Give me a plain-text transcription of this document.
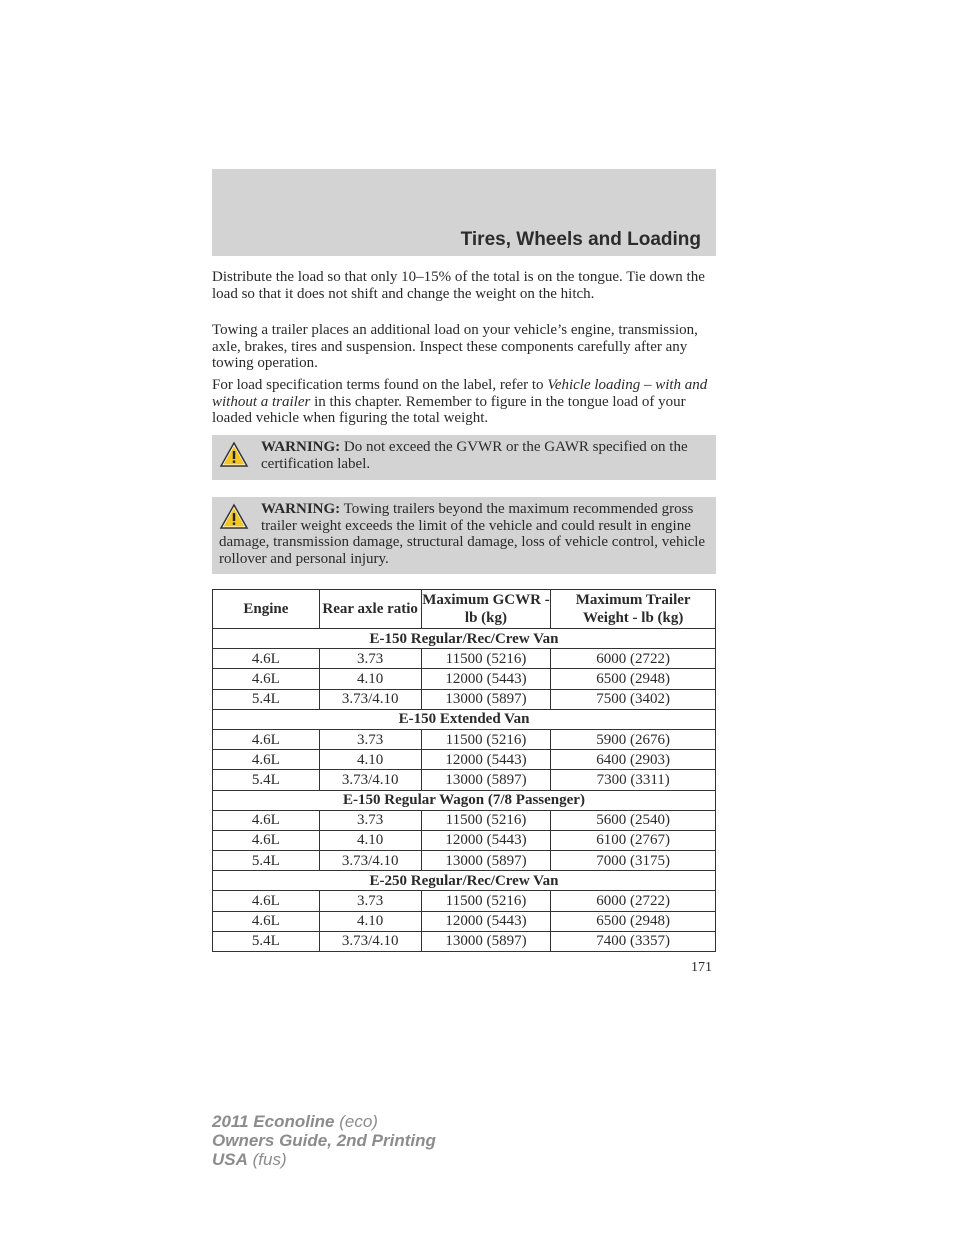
Tires, Wheels and Loading
Distribute the load so that only 10–15% of the total is on the tongue. Tie down the load so that it does not shift and change the weight on the hitch.
Towing a trailer places an additional load on your vehicle’s engine, transmission, axle, brakes, tires and suspension. Inspect these components carefully after any towing operation.
For load specification terms found on the label, refer to Vehicle loading – with and without a trailer in this chapter. Remember to figure in the tongue load of your loaded vehicle when figuring the total weight.
WARNING: Do not exceed the GVWR or the GAWR specified on the certification label.
WARNING: Towing trailers beyond the maximum recommended gross trailer weight exceeds the limit of the vehicle and could result in engine damage, transmission damage, structural damage, loss of vehicle control, vehicle rollover and personal injury.
Engine	Rear axle ratio	Maximum GCWR - lb (kg)	Maximum Trailer Weight - lb (kg)
E-150 Regular/Rec/Crew Van			
4.6L	3.73	11500 (5216)	6000 (2722)
4.6L	4.10	12000 (5443)	6500 (2948)
5.4L	3.73/4.10	13000 (5897)	7500 (3402)
E-150 Extended Van			
4.6L	3.73	11500 (5216)	5900 (2676)
4.6L	4.10	12000 (5443)	6400 (2903)
5.4L	3.73/4.10	13000 (5897)	7300 (3311)
E-150 Regular Wagon (7/8 Passenger)			
4.6L	3.73	11500 (5216)	5600 (2540)
4.6L	4.10	12000 (5443)	6100 (2767)
5.4L	3.73/4.10	13000 (5897)	7000 (3175)
E-250 Regular/Rec/Crew Van			
4.6L	3.73	11500 (5216)	6000 (2722)
4.6L	4.10	12000 (5443)	6500 (2948)
5.4L	3.73/4.10	13000 (5897)	7400 (3357)
171
2011 Econoline (eco)
Owners Guide, 2nd Printing
USA (fus)
